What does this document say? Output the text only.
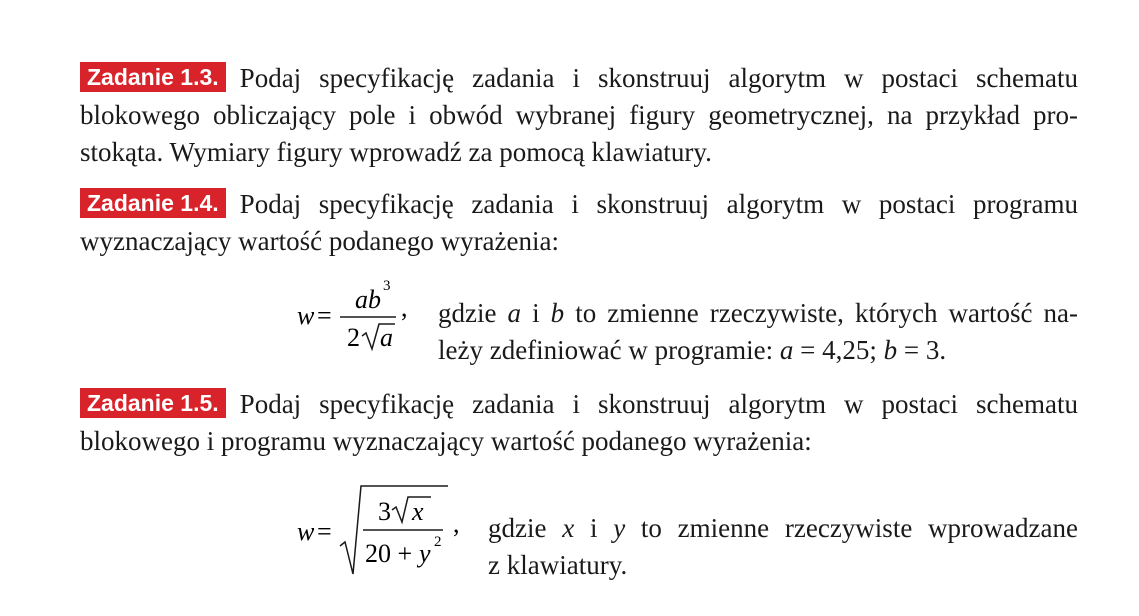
Zadanie 1.3. Podaj specyfikację zadania i skonstruuj algorytm w postaci schematu
blokowego obliczający pole i obwód wybranej figury geometrycznej, na przykład pro-
stokąta. Wymiary figury wprowadź za pomocą klawiatury.
Zadanie 1.4. Podaj specyfikację zadania i skonstruuj algorytm w postaci programu
wyznaczający wartość podanego wyrażenia:
w =
ab 3
2 a
, gdzie a i b to zmienne rzeczywiste, których wartość na-
leży zdefiniować w programie: a = 4,25; b = 3.
Zadanie 1.5. Podaj specyfikację zadania i skonstruuj algorytm w postaci schematu
blokowego i programu wyznaczający wartość podanego wyrażenia:
w =
3 x
20 + y 2
, gdzie x i y to zmienne rzeczywiste wprowadzane
z klawiatury.
